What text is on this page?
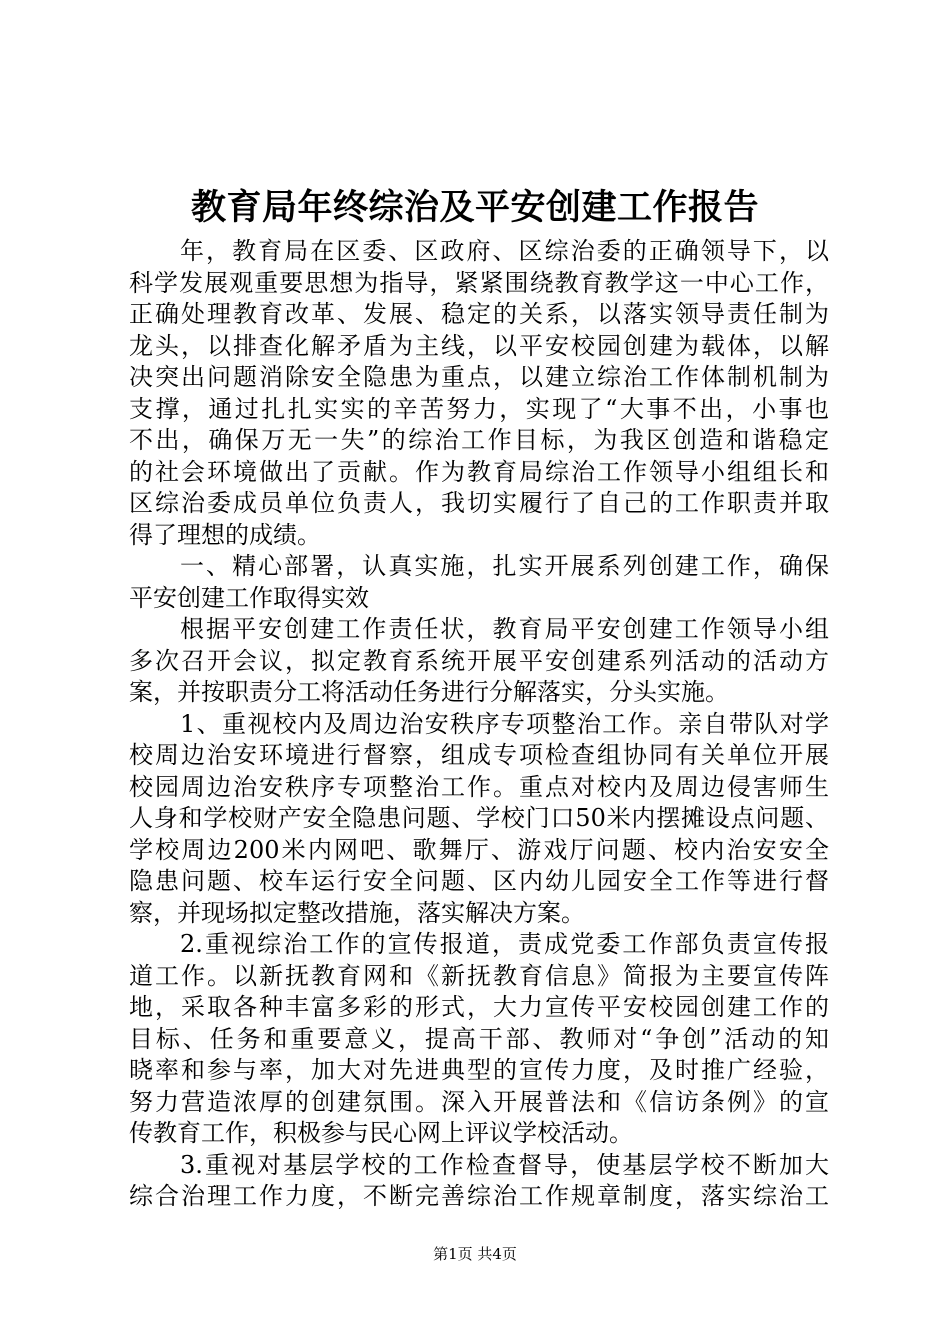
教育局年终综治及平安创建工作报告
年，教育局在区委、区政府、区综治委的正确领导下，以
科学发展观重要思想为指导，紧紧围绕教育教学这一中心工作，
正确处理教育改革、发展、稳定的关系，以落实领导责任制为
龙头，以排查化解矛盾为主线，以平安校园创建为载体，以解
决突出问题消除安全隐患为重点，以建立综治工作体制机制为
支撑，通过扎扎实实的辛苦努力，实现了“大事不出，小事也
不出，确保万无一失”的综治工作目标，为我区创造和谐稳定
的社会环境做出了贡献。作为教育局综治工作领导小组组长和
区综治委成员单位负责人，我切实履行了自己的工作职责并取
得了理想的成绩。
一、精心部署，认真实施，扎实开展系列创建工作，确保
平安创建工作取得实效
根据平安创建工作责任状，教育局平安创建工作领导小组
多次召开会议，拟定教育系统开展平安创建系列活动的活动方
案，并按职责分工将活动任务进行分解落实，分头实施。
1、重视校内及周边治安秩序专项整治工作。亲自带队对学
校周边治安环境进行督察，组成专项检查组协同有关单位开展
校园周边治安秩序专项整治工作。重点对校内及周边侵害师生
人身和学校财产安全隐患问题、学校门口50米内摆摊设点问题、
学校周边200米内网吧、歌舞厅、游戏厅问题、校内治安安全
隐患问题、校车运行安全问题、区内幼儿园安全工作等进行督
察，并现场拟定整改措施，落实解决方案。
2.重视综治工作的宣传报道，责成党委工作部负责宣传报
道工作。以新抚教育网和《新抚教育信息》简报为主要宣传阵
地，采取各种丰富多彩的形式，大力宣传平安校园创建工作的
目标、任务和重要意义，提高干部、教师对“争创”活动的知
晓率和参与率，加大对先进典型的宣传力度，及时推广经验，
努力营造浓厚的创建氛围。深入开展普法和《信访条例》的宣
传教育工作，积极参与民心网上评议学校活动。
3.重视对基层学校的工作检查督导，使基层学校不断加大
综合治理工作力度，不断完善综治工作规章制度，落实综治工
第1页 共4页
